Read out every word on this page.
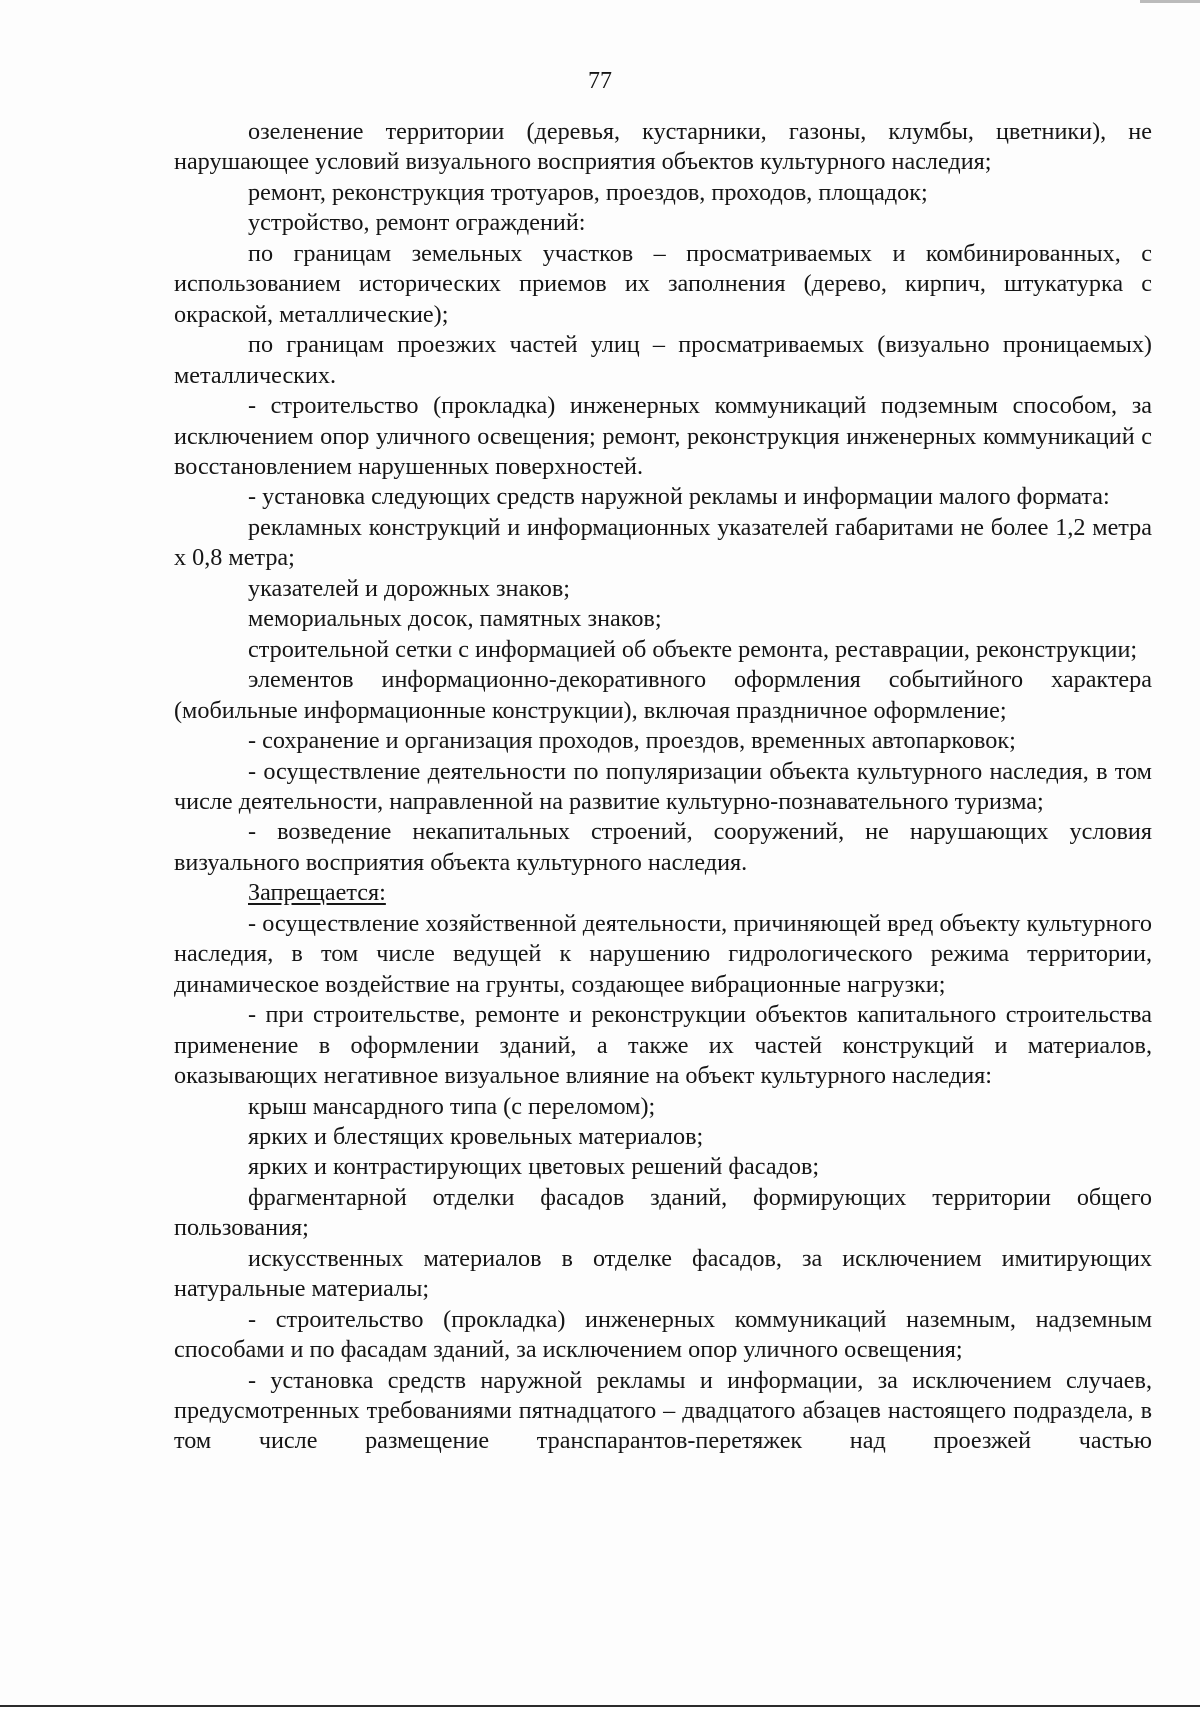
77

озеленение территории (деревья, кустарники, газоны, клумбы, цветники), не нарушающее условий визуального восприятия объектов культурного наследия;

ремонт, реконструкция тротуаров, проездов, проходов, площадок;

устройство, ремонт ограждений:

по границам земельных участков – просматриваемых и комбинированных, с использованием исторических приемов их заполнения (дерево, кирпич, штукатурка с окраской, металлические);

по границам проезжих частей улиц – просматриваемых (визуально проницаемых) металлических.

- строительство (прокладка) инженерных коммуникаций подземным способом, за исключением опор уличного освещения; ремонт, реконструкция инженерных коммуникаций с восстановлением нарушенных поверхностей.

- установка следующих средств наружной рекламы и информации малого формата:

рекламных конструкций и информационных указателей габаритами не более 1,2 метра х 0,8 метра;

указателей и дорожных знаков;

мемориальных досок, памятных знаков;

строительной сетки с информацией об объекте ремонта, реставрации, реконструкции;

элементов информационно-декоративного оформления событийного характера (мобильные информационные конструкции), включая праздничное оформление;

- сохранение и организация проходов, проездов, временных автопарковок;

- осуществление деятельности по популяризации объекта культурного наследия, в том числе деятельности, направленной на развитие культурно-познавательного туризма;

- возведение некапитальных строений, сооружений, не нарушающих условия визуального восприятия объекта культурного наследия.

Запрещается:

- осуществление хозяйственной деятельности, причиняющей вред объекту культурного наследия, в том числе ведущей к нарушению гидрологического режима территории, динамическое воздействие на грунты, создающее вибрационные нагрузки;

- при строительстве, ремонте и реконструкции объектов капитального строительства применение в оформлении зданий, а также их частей конструкций и материалов, оказывающих негативное визуальное влияние на объект культурного наследия:

крыш мансардного типа (с переломом);

ярких и блестящих кровельных материалов;

ярких и контрастирующих цветовых решений фасадов;

фрагментарной отделки фасадов зданий, формирующих территории общего пользования;

искусственных материалов в отделке фасадов, за исключением имитирующих натуральные материалы;

- строительство (прокладка) инженерных коммуникаций наземным, надземным способами и по фасадам зданий, за исключением опор уличного освещения;

- установка средств наружной рекламы и информации, за исключением случаев, предусмотренных требованиями пятнадцатого – двадцатого абзацев настоящего подраздела, в том числе размещение транспарантов-перетяжек над проезжей частью
